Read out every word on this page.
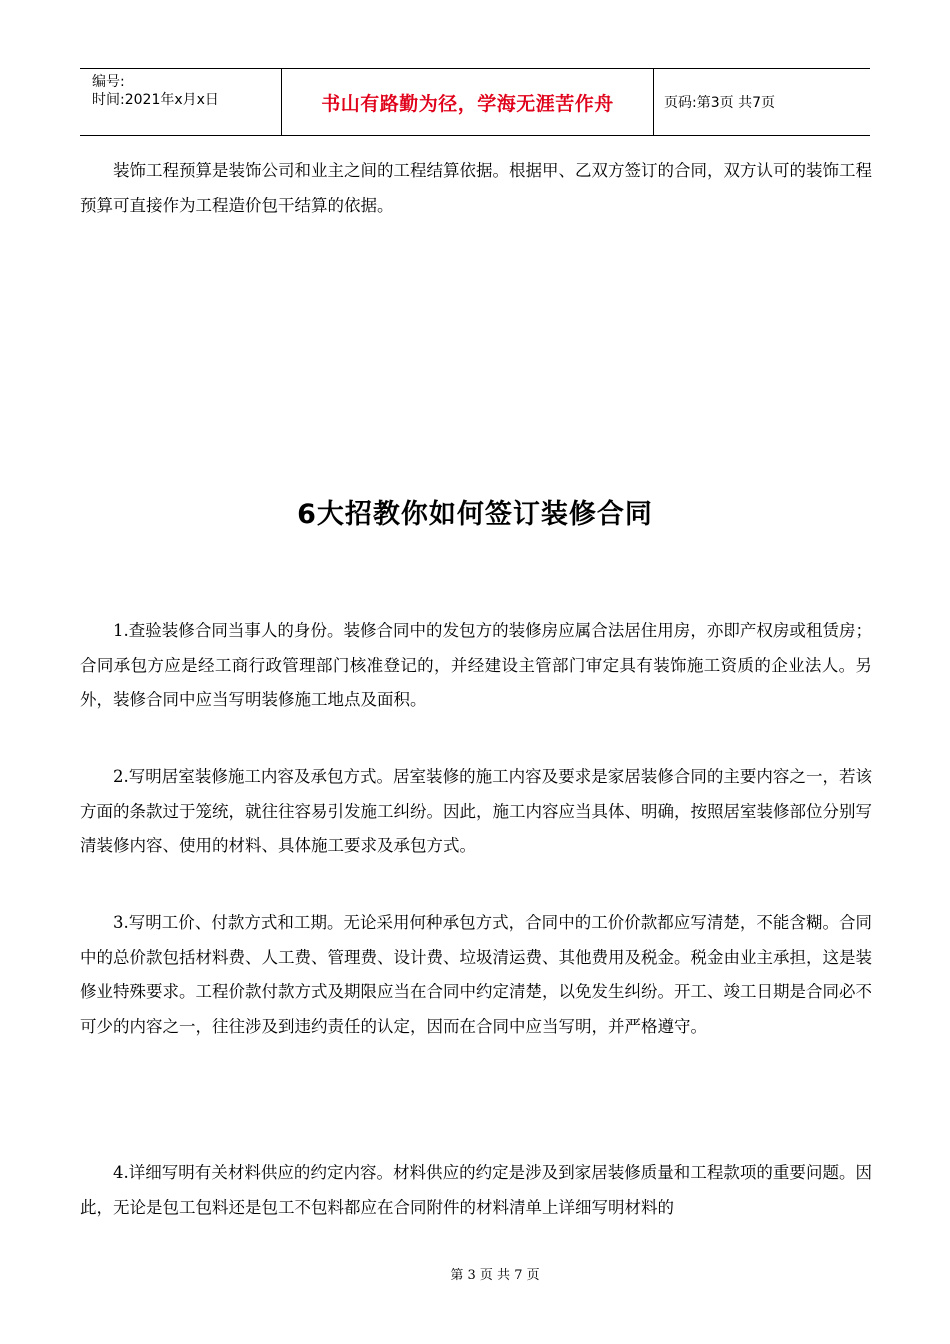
编号:
时间:2021年x月x日	书山有路勤为径，学海无涯苦作舟	页码:第3页 共7页

装饰工程预算是装饰公司和业主之间的工程结算依据。根据甲、乙双方签订的合同，双方认可的装饰工程预算可直接作为工程造价包干结算的依据。

6大招教你如何签订装修合同

1.查验装修合同当事人的身份。装修合同中的发包方的装修房应属合法居住用房，亦即产权房或租赁房；合同承包方应是经工商行政管理部门核准登记的，并经建设主管部门审定具有装饰施工资质的企业法人。另外，装修合同中应当写明装修施工地点及面积。

2.写明居室装修施工内容及承包方式。居室装修的施工内容及要求是家居装修合同的主要内容之一，若该方面的条款过于笼统，就往往容易引发施工纠纷。因此，施工内容应当具体、明确，按照居室装修部位分别写清装修内容、使用的材料、具体施工要求及承包方式。

3.写明工价、付款方式和工期。无论采用何种承包方式，合同中的工价价款都应写清楚，不能含糊。合同中的总价款包括材料费、人工费、管理费、设计费、垃圾清运费、其他费用及税金。税金由业主承担，这是装修业特殊要求。工程价款付款方式及期限应当在合同中约定清楚，以免发生纠纷。开工、竣工日期是合同必不可少的内容之一，往往涉及到违约责任的认定，因而在合同中应当写明，并严格遵守。

4.详细写明有关材料供应的约定内容。材料供应的约定是涉及到家居装修质量和工程款项的重要问题。因此，无论是包工包料还是包工不包料都应在合同附件的材料清单上详细写明材料的

第 3 页 共 7 页
